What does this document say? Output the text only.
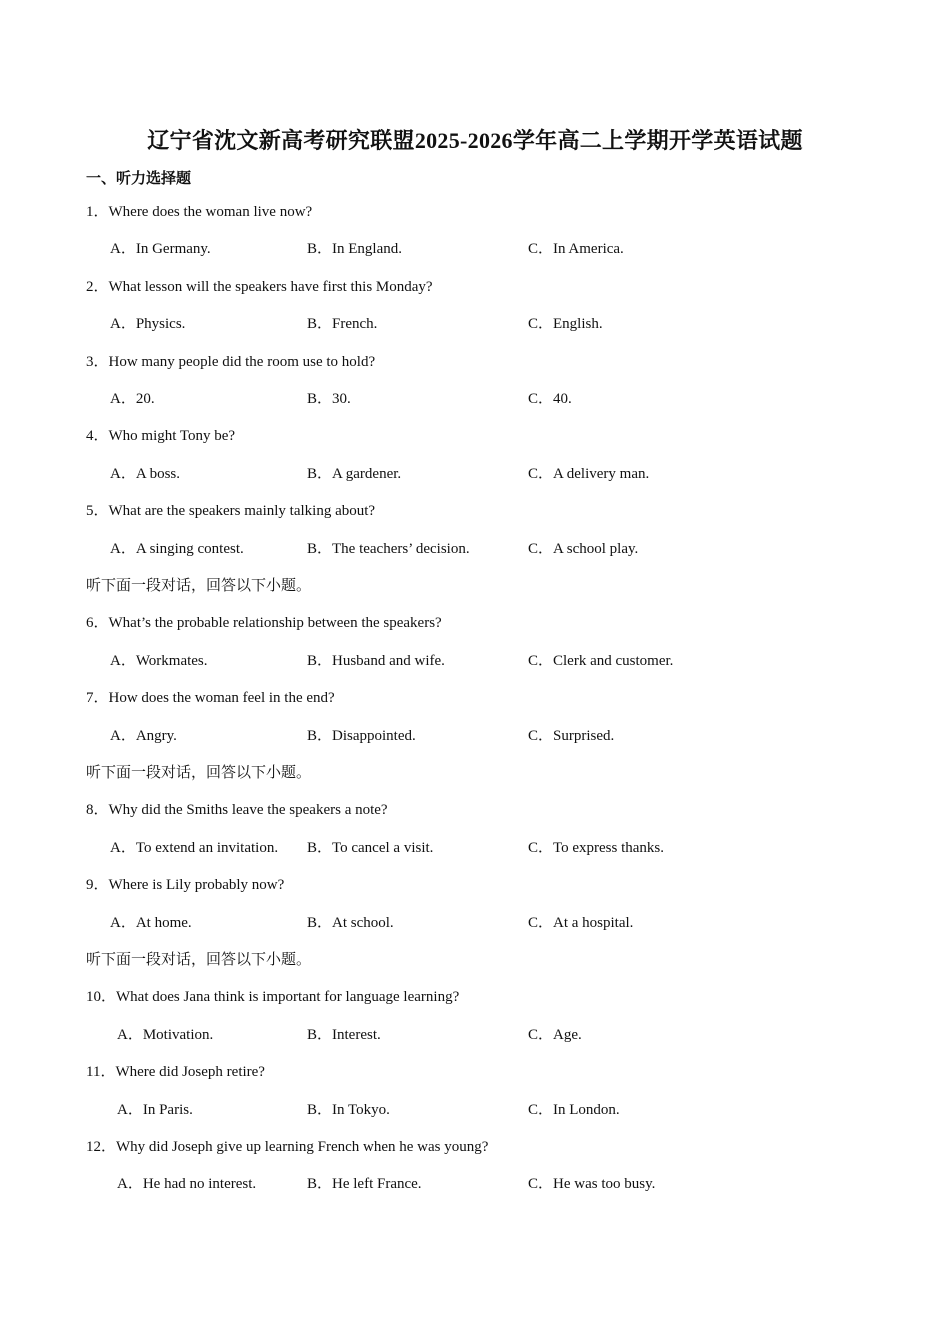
辽宁省沈文新高考研究联盟2025-2026学年高二上学期开学英语试题
一、听力选择题
1．Where does the woman live now?
A．In Germany.	B．In England.	C．In America.
2．What lesson will the speakers have first this Monday?
A．Physics.	B．French.	C．English.
3．How many people did the room use to hold?
A．20.	B．30.	C．40.
4．Who might Tony be?
A．A boss.	B．A gardener.	C．A delivery man.
5．What are the speakers mainly talking about?
A．A singing contest.	B．The teachers’ decision.	C．A school play.
听下面一段对话，回答以下小题。
6．What’s the probable relationship between the speakers?
A．Workmates.	B．Husband and wife.	C．Clerk and customer.
7．How does the woman feel in the end?
A．Angry.	B．Disappointed.	C．Surprised.
听下面一段对话，回答以下小题。
8．Why did the Smiths leave the speakers a note?
A．To extend an invitation. B．To cancel a visit.	C．To express thanks.
9．Where is Lily probably now?
A．At home.	B．At school.	C．At a hospital.
听下面一段对话，回答以下小题。
10．What does Jana think is important for language learning?
A．Motivation.	B．Interest.	C．Age.
11．Where did Joseph retire?
A．In Paris.	B．In Tokyo.	C．In London.
12．Why did Joseph give up learning French when he was young?
A．He had no interest.	B．He left France.	C．He was too busy.
